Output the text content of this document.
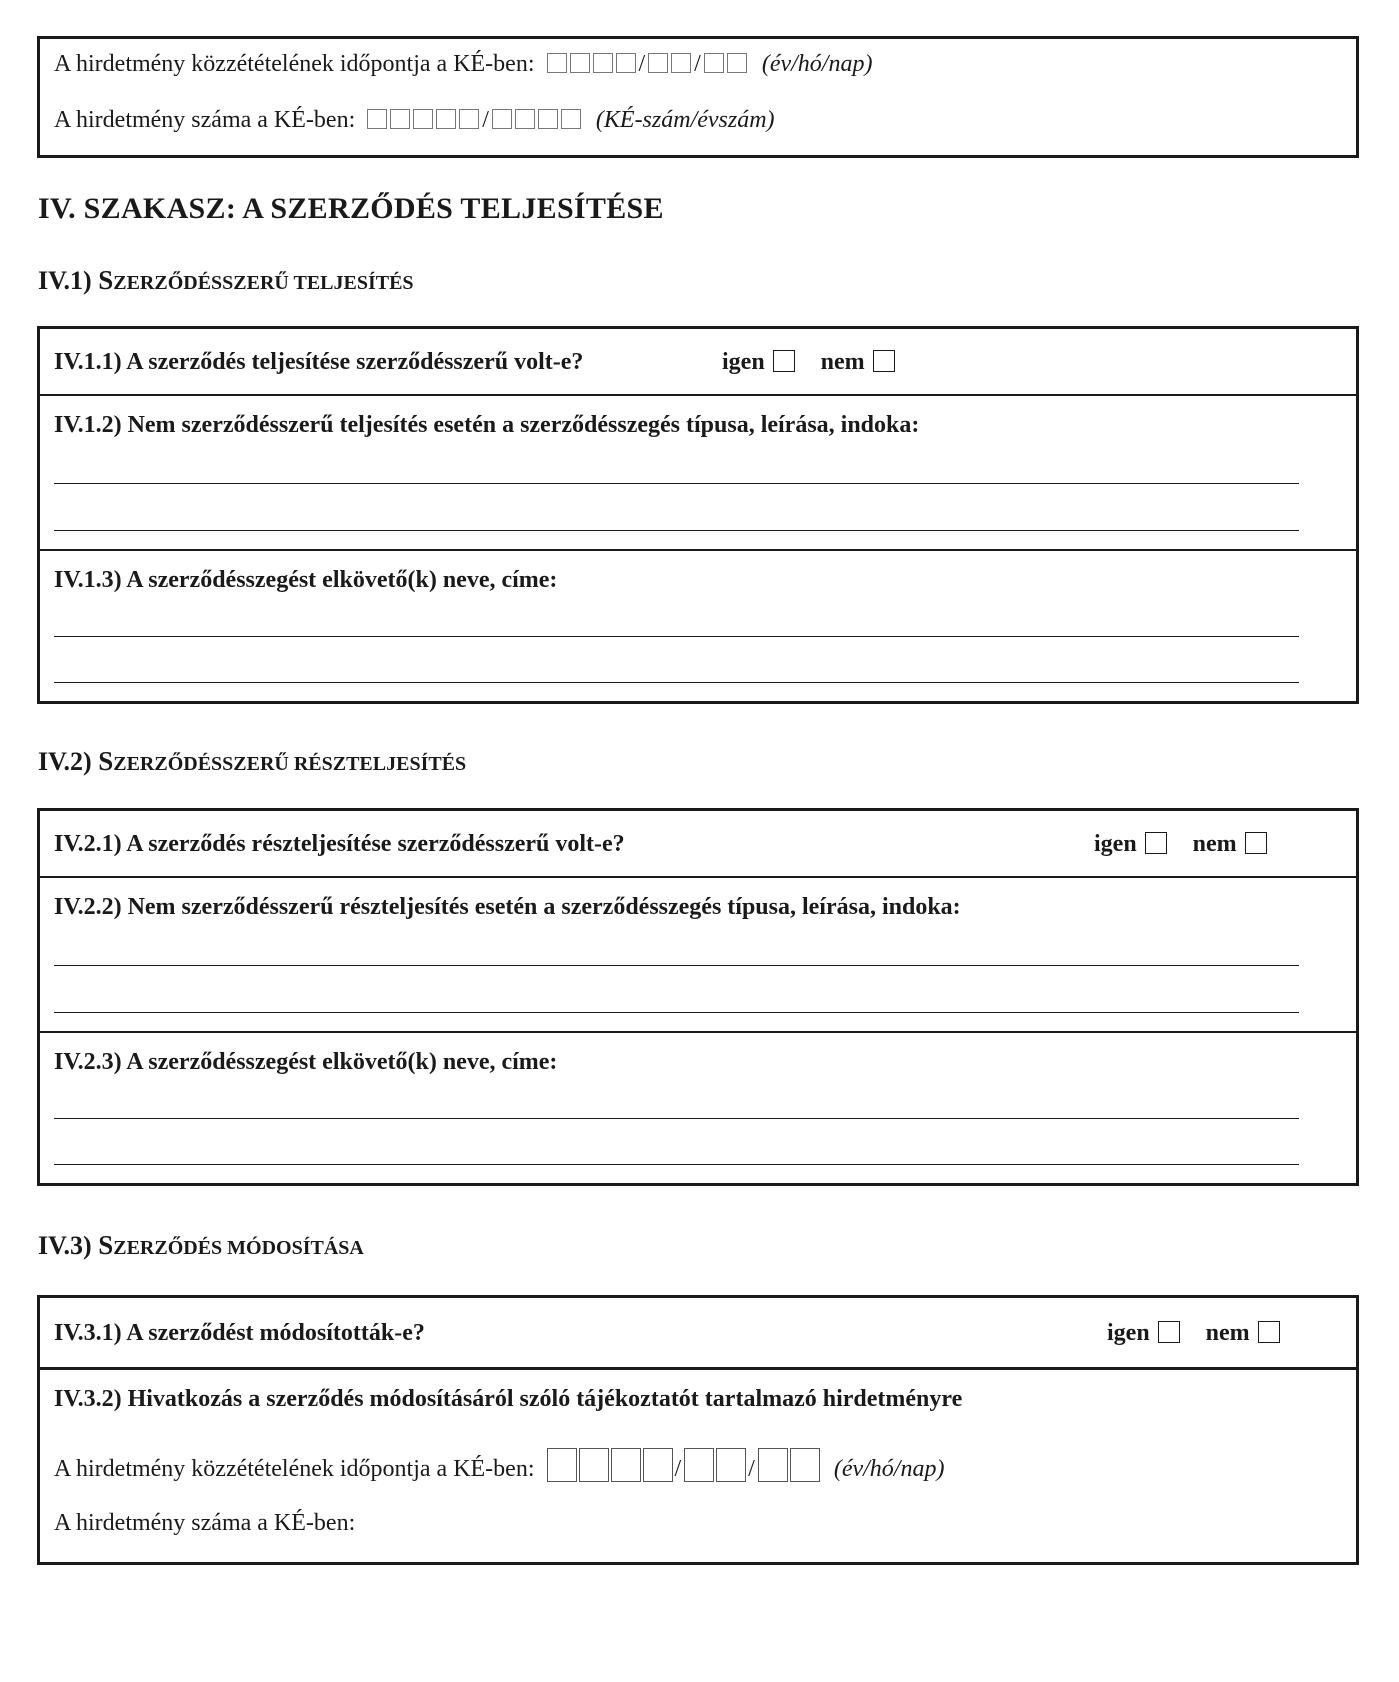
A hirdetmény közzétételének időpontja a KÉ-ben:	/ /	(év/hó/nap)
A hirdetmény száma a KÉ-ben:	/	(KÉ-szám/évszám)
IV. SZAKASZ: A SZERZŐDÉS TELJESÍTÉSE
IV.1) SZERZŐDÉSSZERŰ TELJESÍTÉS
IV.1.1) A szerződés teljesítése szerződésszerű volt-e?	igen nem
IV.1.2) Nem szerződésszerű teljesítés esetén a szerződésszegés típusa, leírása, indoka:
IV.1.3) A szerződésszegést elkövető(k) neve, címe:
IV.2) SZERZŐDÉSSZERŰ RÉSZTELJESÍTÉS
IV.2.1) A szerződés részteljesítése szerződésszerű volt-e?	igen nem
IV.2.2) Nem szerződésszerű részteljesítés esetén a szerződésszegés típusa, leírása, indoka:
IV.2.3) A szerződésszegést elkövető(k) neve, címe:
IV.3) SZERZŐDÉS MÓDOSÍTÁSA
IV.3.1) A szerződést módosították-e?	igen nem
IV.3.2) Hivatkozás a szerződés módosításáról szóló tájékoztatót tartalmazó hirdetményre
A hirdetmény közzétételének időpontja a KÉ-ben:	/	/	(év/hó/nap)
A hirdetmény száma a KÉ-ben:
